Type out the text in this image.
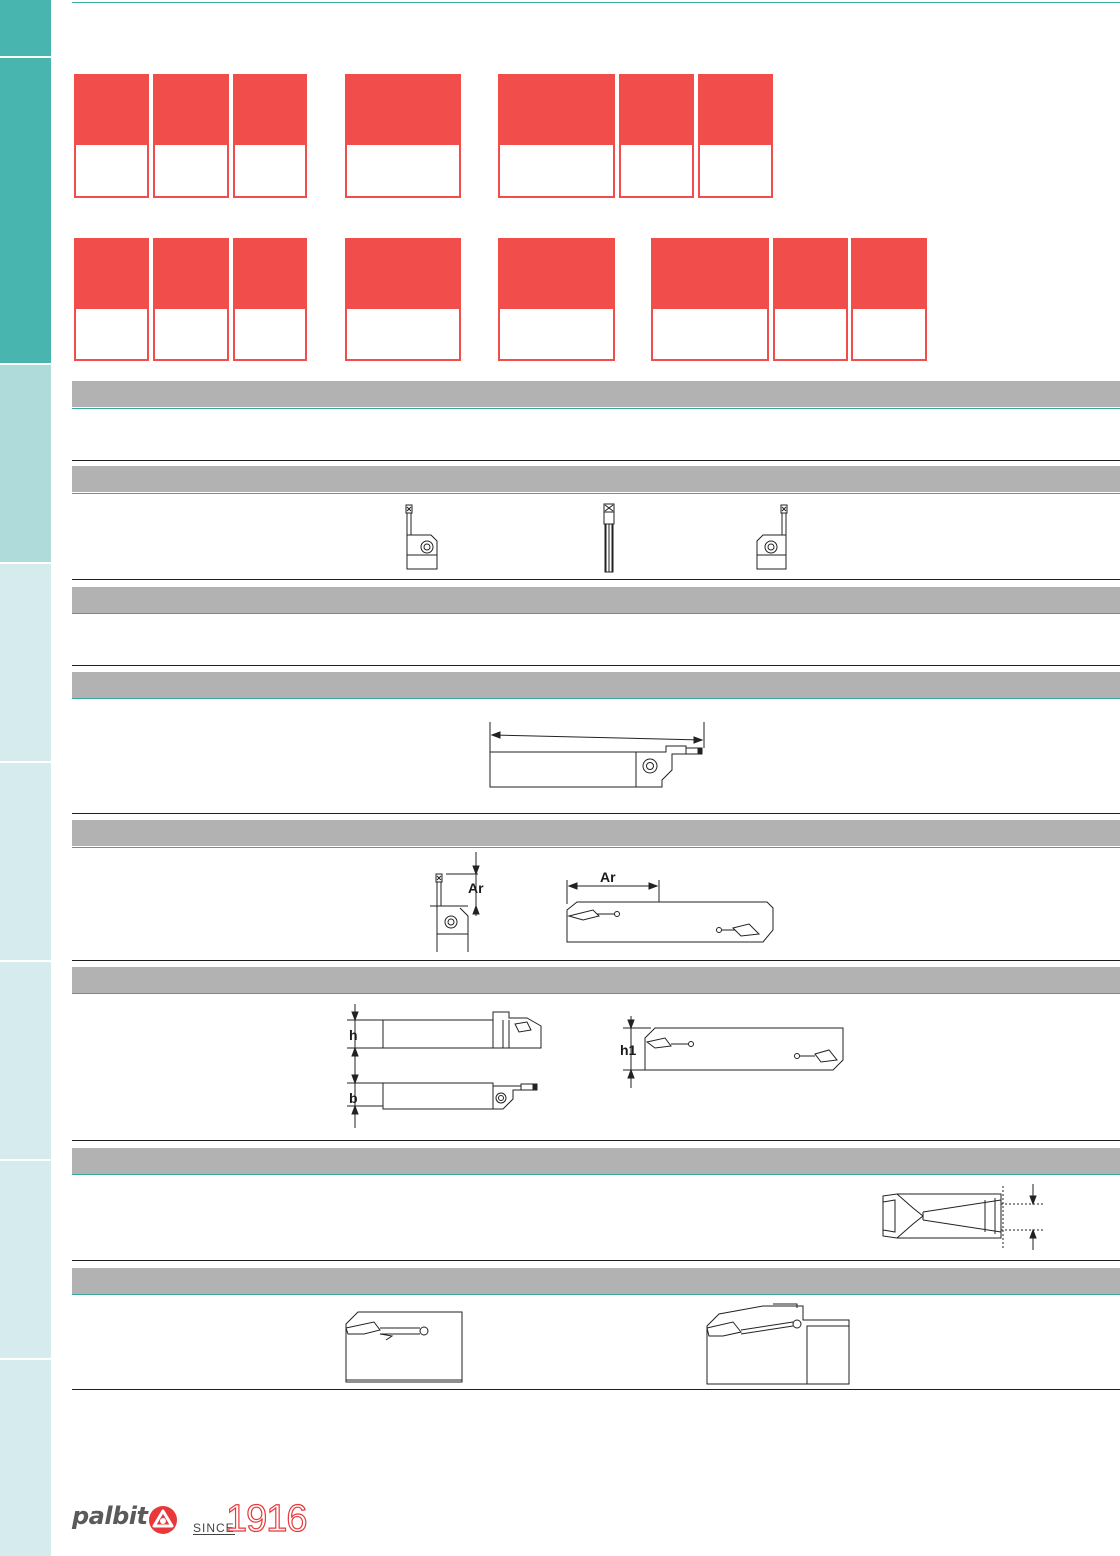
Ar
Ar
h
b
h1
palbit	SINCE
1916
